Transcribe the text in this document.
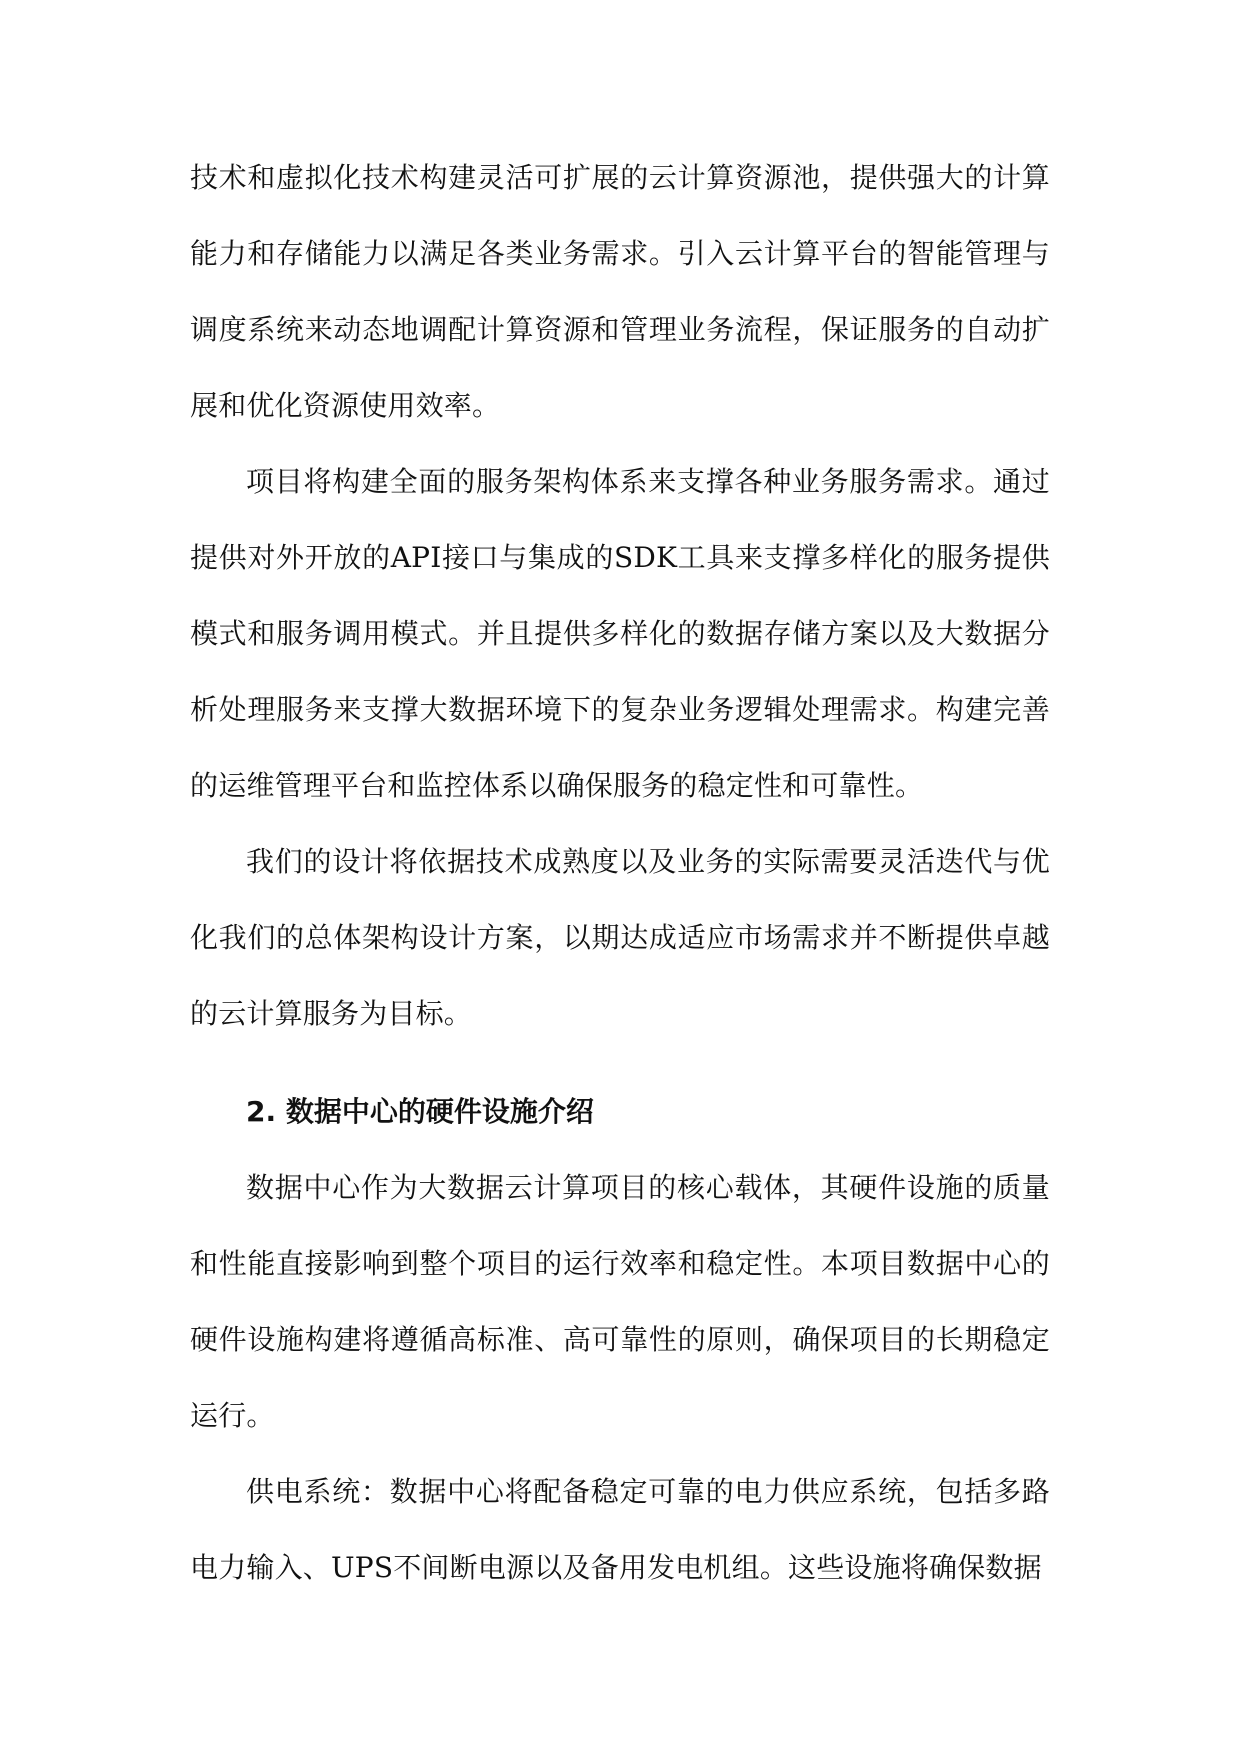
技术和虚拟化技术构建灵活可扩展的云计算资源池，提供强大的计算能力和存储能力以满足各类业务需求。引入云计算平台的智能管理与调度系统来动态地调配计算资源和管理业务流程，保证服务的自动扩展和优化资源使用效率。

项目将构建全面的服务架构体系来支撑各种业务服务需求。通过提供对外开放的API接口与集成的SDK工具来支撑多样化的服务提供模式和服务调用模式。并且提供多样化的数据存储方案以及大数据分析处理服务来支撑大数据环境下的复杂业务逻辑处理需求。构建完善的运维管理平台和监控体系以确保服务的稳定性和可靠性。

我们的设计将依据技术成熟度以及业务的实际需要灵活迭代与优化我们的总体架构设计方案，以期达成适应市场需求并不断提供卓越的云计算服务为目标。

2. 数据中心的硬件设施介绍

数据中心作为大数据云计算项目的核心载体，其硬件设施的质量和性能直接影响到整个项目的运行效率和稳定性。本项目数据中心的硬件设施构建将遵循高标准、高可靠性的原则，确保项目的长期稳定运行。

供电系统：数据中心将配备稳定可靠的电力供应系统，包括多路电力输入、UPS不间断电源以及备用发电机组。这些设施将确保数据
